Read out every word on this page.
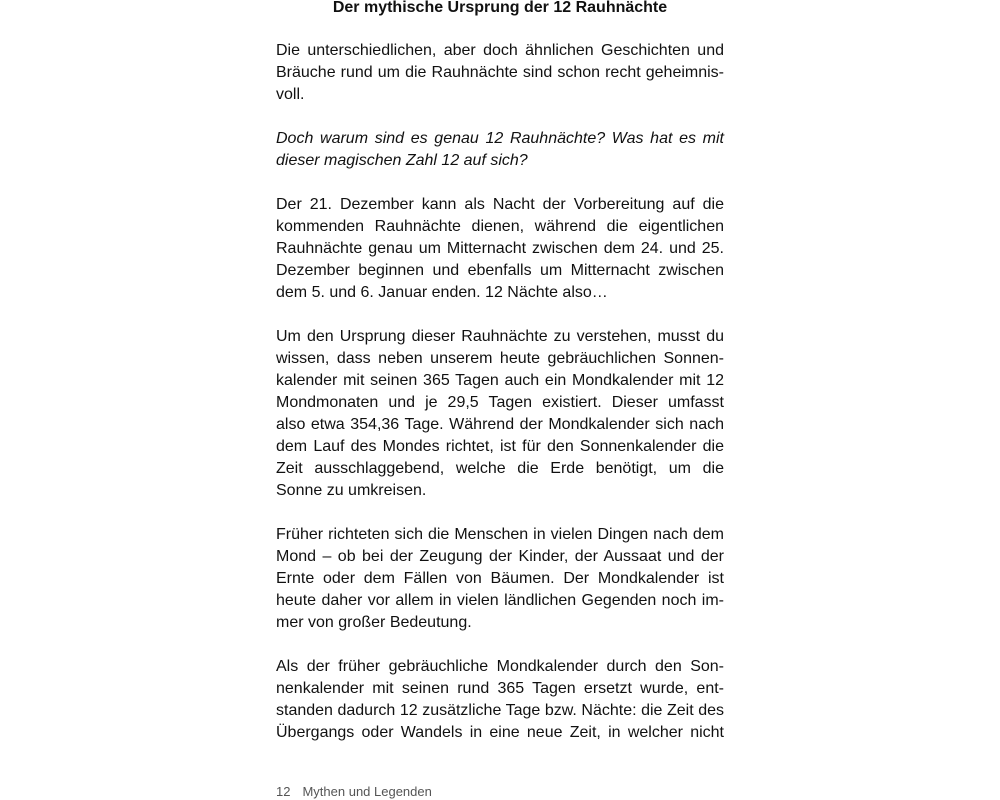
Der mythische Ursprung der 12 Rauhnächte

Die unterschiedlichen, aber doch ähnlichen Geschichten und
Bräuche rund um die Rauhnächte sind schon recht geheimnis-
voll.

Doch warum sind es genau 12 Rauhnächte? Was hat es mit
dieser magischen Zahl 12 auf sich?

Der 21. Dezember kann als Nacht der Vorbereitung auf die
kommenden Rauhnächte dienen, während die eigentlichen
Rauhnächte genau um Mitternacht zwischen dem 24. und 25.
Dezember beginnen und ebenfalls um Mitternacht zwischen
dem 5. und 6. Januar enden. 12 Nächte also…

Um den Ursprung dieser Rauhnächte zu verstehen, musst du
wissen, dass neben unserem heute gebräuchlichen Sonnen-
kalender mit seinen 365 Tagen auch ein Mondkalender mit 12
Mondmonaten und je 29,5 Tagen existiert. Dieser umfasst
also etwa 354,36 Tage. Während der Mondkalender sich nach
dem Lauf des Mondes richtet, ist für den Sonnenkalender die
Zeit ausschlaggebend, welche die Erde benötigt, um die
Sonne zu umkreisen.

Früher richteten sich die Menschen in vielen Dingen nach dem
Mond – ob bei der Zeugung der Kinder, der Aussaat und der
Ernte oder dem Fällen von Bäumen. Der Mondkalender ist
heute daher vor allem in vielen ländlichen Gegenden noch im-
mer von großer Bedeutung.

Als der früher gebräuchliche Mondkalender durch den Son-
nenkalender mit seinen rund 365 Tagen ersetzt wurde, ent-
standen dadurch 12 zusätzliche Tage bzw. Nächte: die Zeit des
Übergangs oder Wandels in eine neue Zeit, in welcher nicht

12 Mythen und Legenden
